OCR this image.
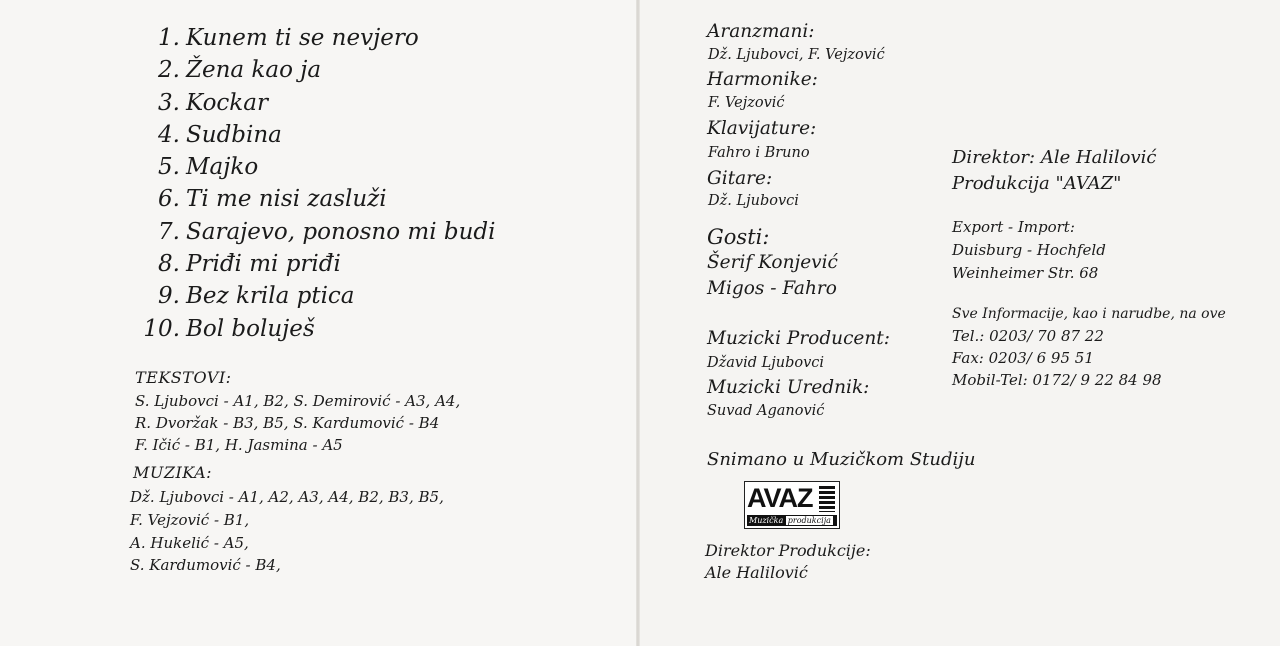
1. Kunem ti se nevjero
2. Žena kao ja
3. Kockar
4. Sudbina
5. Majko
6. Ti me nisi zasluži
7. Sarajevo, ponosno mi budi
8. Priđi mi priđi
9. Bez krila ptica
10. Bol boluješ
TEKSTOVI:
S. Ljubovci - A1, B2, S. Demirović - A3, A4,
R. Dvoržak - B3, B5, S. Kardumović - B4
F. Ičić - B1, H. Jasmina - A5
MUZIKA:
Dž. Ljubovci - A1, A2, A3, A4, B2, B3, B5,
F. Vejzović - B1,
A. Hukelić - A5,
S. Kardumović - B4,
Aranzmani:
Dž. Ljubovci, F. Vejzović
Harmonike:
F. Vejzović
Klavijature:
Fahro i Bruno
Gitare:
Dž. Ljubovci
Gosti:
Šerif Konjević
Migos - Fahro
Muzicki Producent:
Džavid Ljubovci
Muzicki Urednik:
Suvad Aganović
Snimano u Muzičkom Studiju
AVAZ
Muzička produkcija
Direktor Produkcije:
Ale Halilović
Direktor: Ale Halilović
Produkcija "AVAZ"
Export - Import:
Duisburg - Hochfeld
Weinheimer Str. 68
Sve Informacije, kao i narudbe, na ove
Tel.: 0203/ 70 87 22
Fax: 0203/ 6 95 51
Mobil-Tel: 0172/ 9 22 84 98
